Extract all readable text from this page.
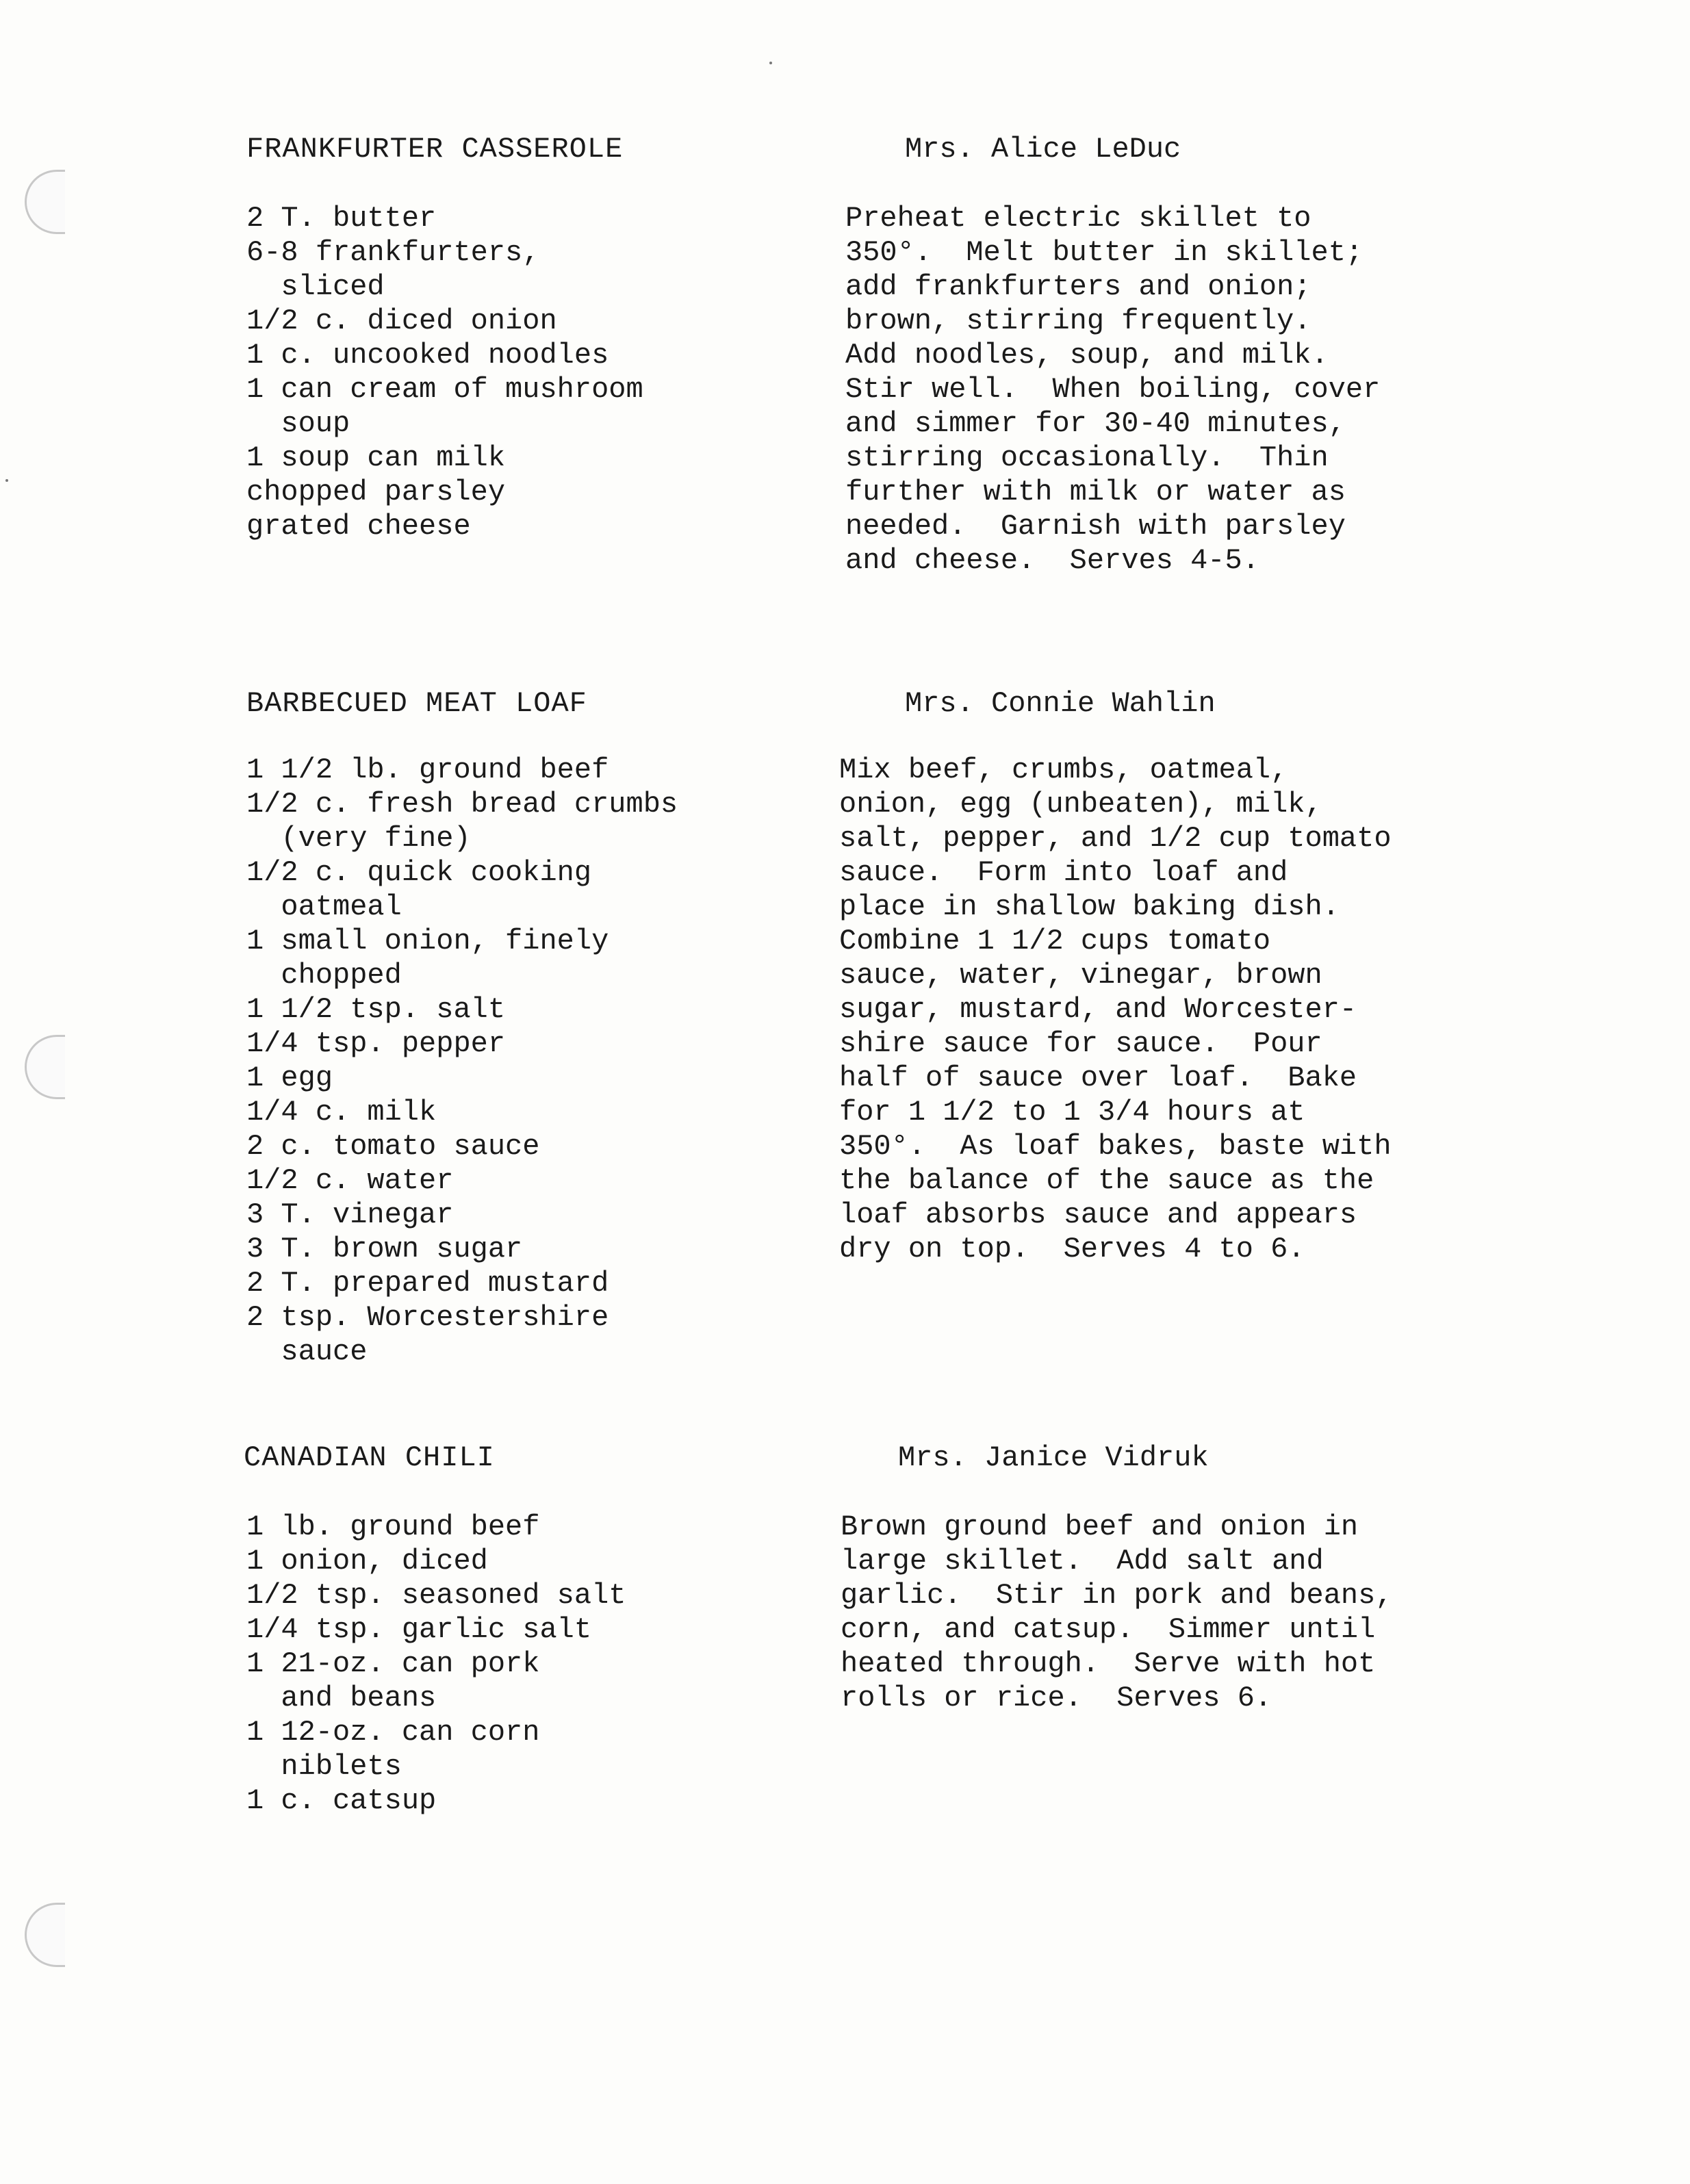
FRANKFURTER CASSEROLE	Mrs. Alice LeDuc
2 T. butter
6-8 frankfurters,
sliced
1/2 c. diced onion
1 c. uncooked noodles
1 can cream of mushroom
soup
1 soup can milk
chopped parsley
grated cheese
Preheat electric skillet to
350°.  Melt butter in skillet;
add frankfurters and onion;
brown, stirring frequently.
Add noodles, soup, and milk.
Stir well.  When boiling, cover
and simmer for 30-40 minutes,
stirring occasionally.  Thin
further with milk or water as
needed.  Garnish with parsley
and cheese.  Serves 4-5.
BARBECUED MEAT LOAF	Mrs. Connie Wahlin
1 1/2 lb. ground beef
1/2 c. fresh bread crumbs
(very fine)
1/2 c. quick cooking
oatmeal
1 small onion, finely
chopped
1 1/2 tsp. salt
1/4 tsp. pepper
1 egg
1/4 c. milk
2 c. tomato sauce
1/2 c. water
3 T. vinegar
3 T. brown sugar
2 T. prepared mustard
2 tsp. Worcestershire
sauce
Mix beef, crumbs, oatmeal,
onion, egg (unbeaten), milk,
salt, pepper, and 1/2 cup tomato
sauce.  Form into loaf and
place in shallow baking dish.
Combine 1 1/2 cups tomato
sauce, water, vinegar, brown
sugar, mustard, and Worcester-
shire sauce for sauce.  Pour
half of sauce over loaf.  Bake
for 1 1/2 to 1 3/4 hours at
350°.  As loaf bakes, baste with
the balance of the sauce as the
loaf absorbs sauce and appears
dry on top.  Serves 4 to 6.
CANADIAN CHILI	Mrs. Janice Vidruk
1 lb. ground beef
1 onion, diced
1/2 tsp. seasoned salt
1/4 tsp. garlic salt
1 21-oz. can pork
and beans
1 12-oz. can corn
niblets
1 c. catsup
Brown ground beef and onion in
large skillet.  Add salt and
garlic.  Stir in pork and beans,
corn, and catsup.  Simmer until
heated through.  Serve with hot
rolls or rice.  Serves 6.
